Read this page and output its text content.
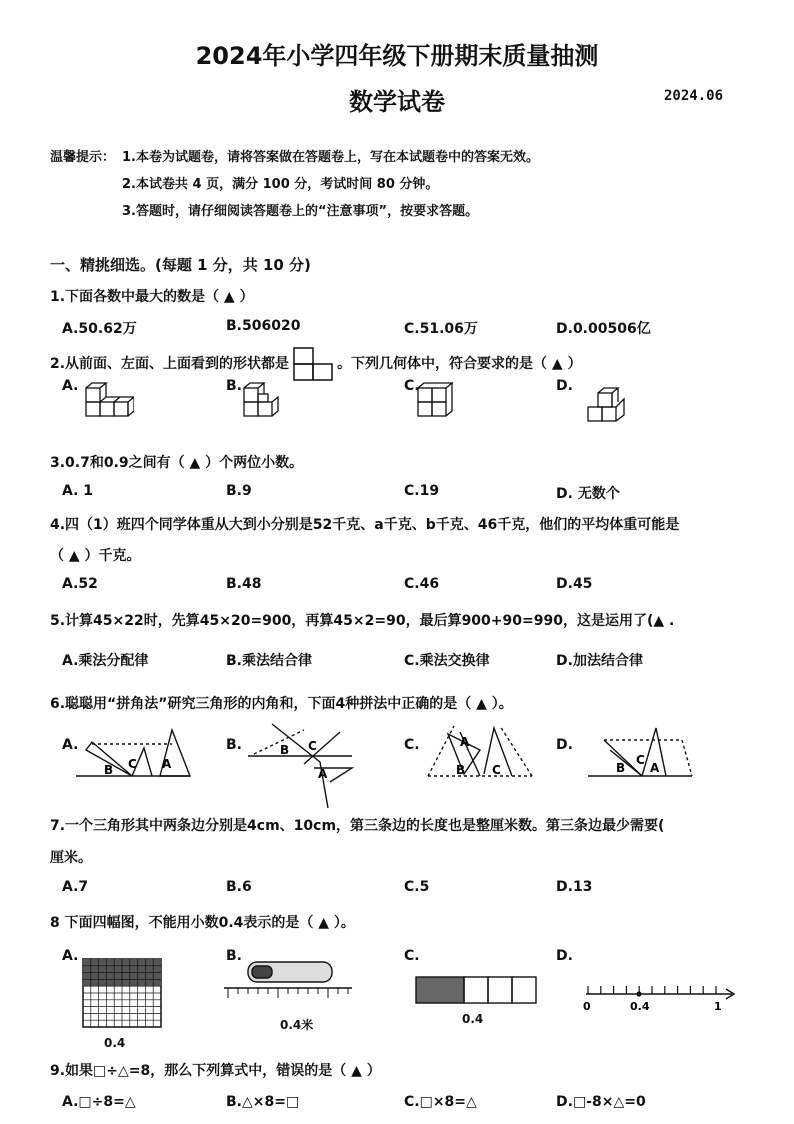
2024年小学四年级下册期末质量抽测
数学试卷	2024.06
温馨提示： 1.本卷为试题卷，请将答案做在答题卷上，写在本试题卷中的答案无效。
2.本试卷共 4 页，满分 100 分，考试时间 80 分钟。
3.答题时，请仔细阅读答题卷上的“注意事项”，按要求答题。
一、精挑细选。(每题 1 分，共 10 分)
1.下面各数中最大的数是（ ▲ ）
A.50.62万	B.506020	C.51.06万	D.0.00506亿
2.从前面、左面、上面看到的形状都是	。下列几何体中，符合要求的是（ ▲ ）
A.	B.	C.	D.
3.0.7和0.9之间有（ ▲ ）个两位小数。
A. 1	B.9	C.19	D. 无数个
4.四（1）班四个同学体重从大到小分别是52千克、a千克、b千克、46千克，他们的平均体重可能是
（ ▲ ）千克。
A.52	B.48	C.46	D.45
5.计算45×22时，先算45×20=900，再算45×2=90，最后算900+90=990，这是运用了(▲ .
A.乘法分配律	B.乘法结合律	C.乘法交换律	D.加法结合律
6.聪聪用“拼角法”研究三角形的内角和，下面4种拼法中正确的是（ ▲ ）。
A.	B.	C.	D.
B C A
B C
A
A
B C	B
C
A
7.一个三角形其中两条边分别是4cm、10cm，第三条边的长度也是整厘米数。第三条边最少需要(
厘米。
A.7	B.6	C.5	D.13
8 下面四幅图，不能用小数0.4表示的是（ ▲ ）。
A.	B.	C.	D.
0.4
0.4米	0.4
0	0.4	1
9.如果□÷△=8，那么下列算式中，错误的是（ ▲ ）
A.□÷8=△	B.△×8=□	C.□×8=△	D.□-8×△=0
